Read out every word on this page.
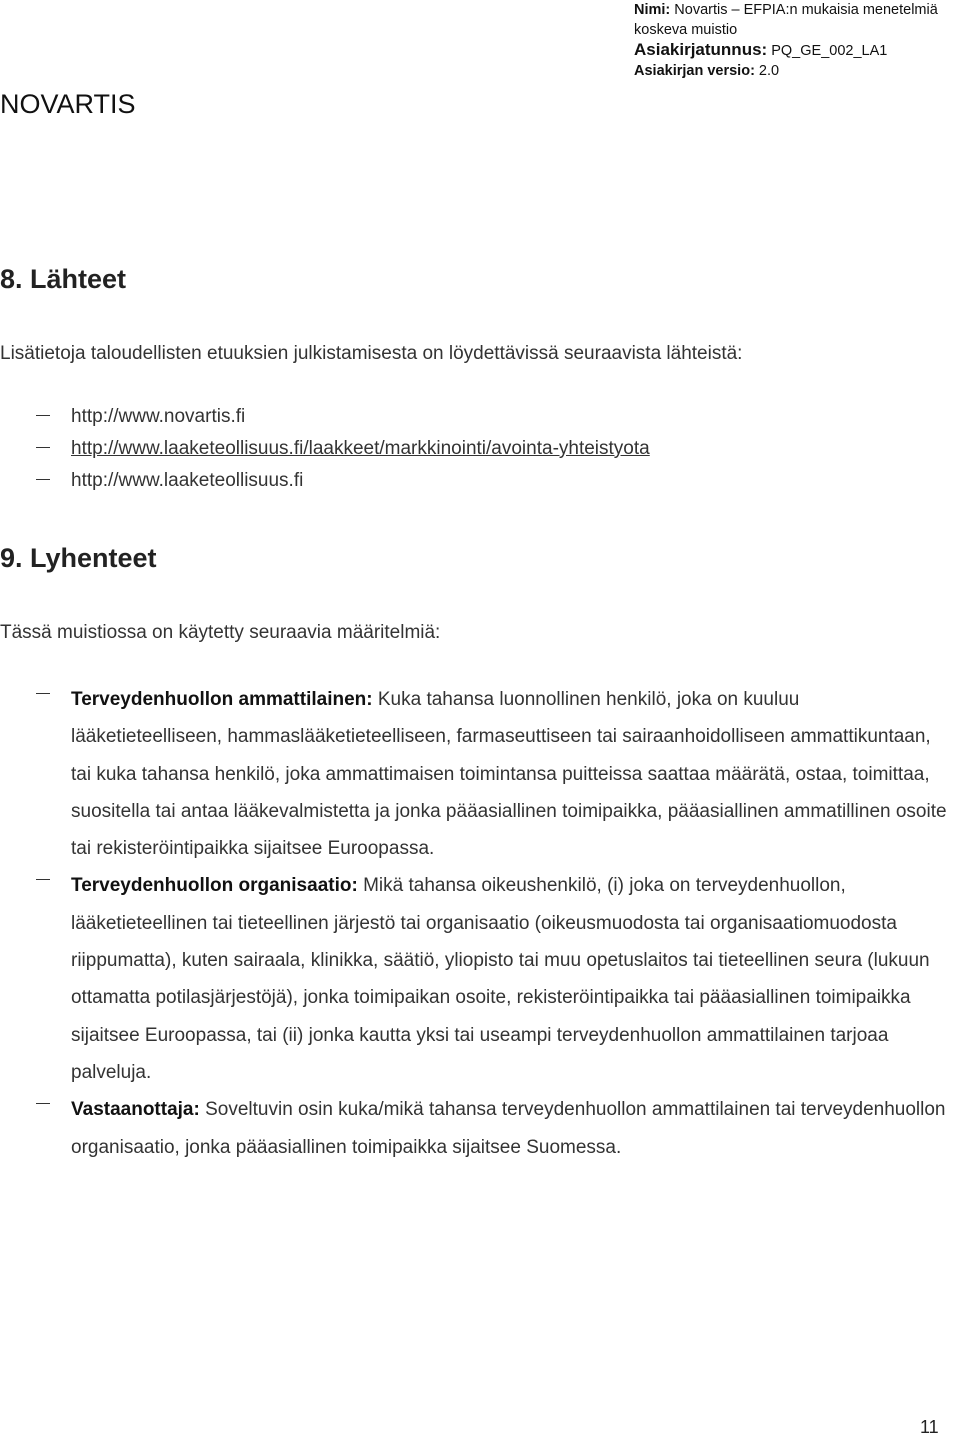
Nimi: Novartis – EFPIA:n mukaisia menetelmiä koskeva muistio
Asiakirjatunnus: PQ_GE_002_LA1
Asiakirjan versio: 2.0
NOVARTIS
8. Lähteet
Lisätietoja taloudellisten etuuksien julkistamisesta on löydettävissä seuraavista lähteistä:
http://www.novartis.fi
http://www.laaketeollisuus.fi/laakkeet/markkinointi/avointa-yhteistyota
http://www.laaketeollisuus.fi
9. Lyhenteet
Tässä muistiossa on käytetty seuraavia määritelmiä:
Terveydenhuollon ammattilainen: Kuka tahansa luonnollinen henkilö, joka on kuuluu lääketieteelliseen, hammaslääketieteelliseen, farmaseuttiseen tai sairaanhoidolliseen ammattikuntaan, tai kuka tahansa henkilö, joka ammattimaisen toimintansa puitteissa saattaa määrätä, ostaa, toimittaa, suositella tai antaa lääkevalmistetta ja jonka pääasiallinen toimipaikka, pääasiallinen ammatillinen osoite tai rekisteröintipaikka sijaitsee Euroopassa.
Terveydenhuollon organisaatio: Mikä tahansa oikeushenkilö, (i) joka on terveydenhuollon, lääketieteellinen tai tieteellinen järjestö tai organisaatio (oikeusmuodosta tai organisaatiomuodosta riippumatta), kuten sairaala, klinikka, säätiö, yliopisto tai muu opetuslaitos tai tieteellinen seura (lukuun ottamatta potilasjärjestöjä), jonka toimipaikan osoite, rekisteröintipaikka tai pääasiallinen toimipaikka sijaitsee Euroopassa, tai (ii) jonka kautta yksi tai useampi terveydenhuollon ammattilainen tarjoaa palveluja.
Vastaanottaja: Soveltuvin osin kuka/mikä tahansa terveydenhuollon ammattilainen tai terveydenhuollon organisaatio, jonka pääasiallinen toimipaikka sijaitsee Suomessa.
11
